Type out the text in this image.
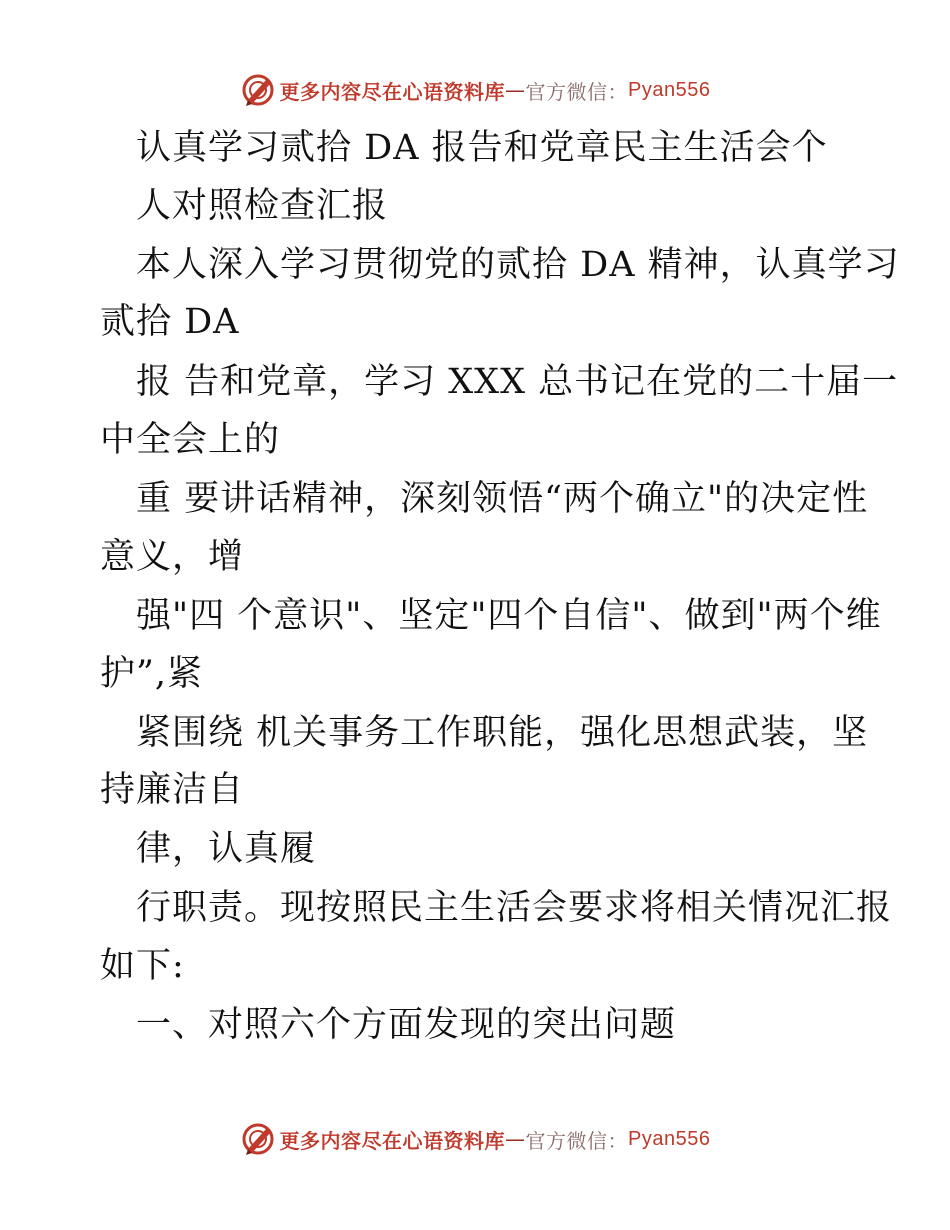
更多内容尽在心语资料库 — 官方微信： Pyan556
认真学习贰拾 DA 报告和党章民主生活会个
人对照检查汇报
本人深入学习贯彻党的贰拾 DA 精神，认真学习
贰拾 DA
报 告和党章，学习 XXX 总书记在党的二十届一
中全会上的
重 要讲话精神，深刻领悟“两个确立"的决定性
意义，增
强"四 个意识"、坚定"四个自信"、做到"两个维
护”,紧
紧围绕 机关事务工作职能，强化思想武装，坚
持廉洁自
律，认真履
行职责。现按照民主生活会要求将相关情况汇报
如下:
一、对照六个方面发现的突出问题
更多内容尽在心语资料库 — 官方微信： Pyan556
